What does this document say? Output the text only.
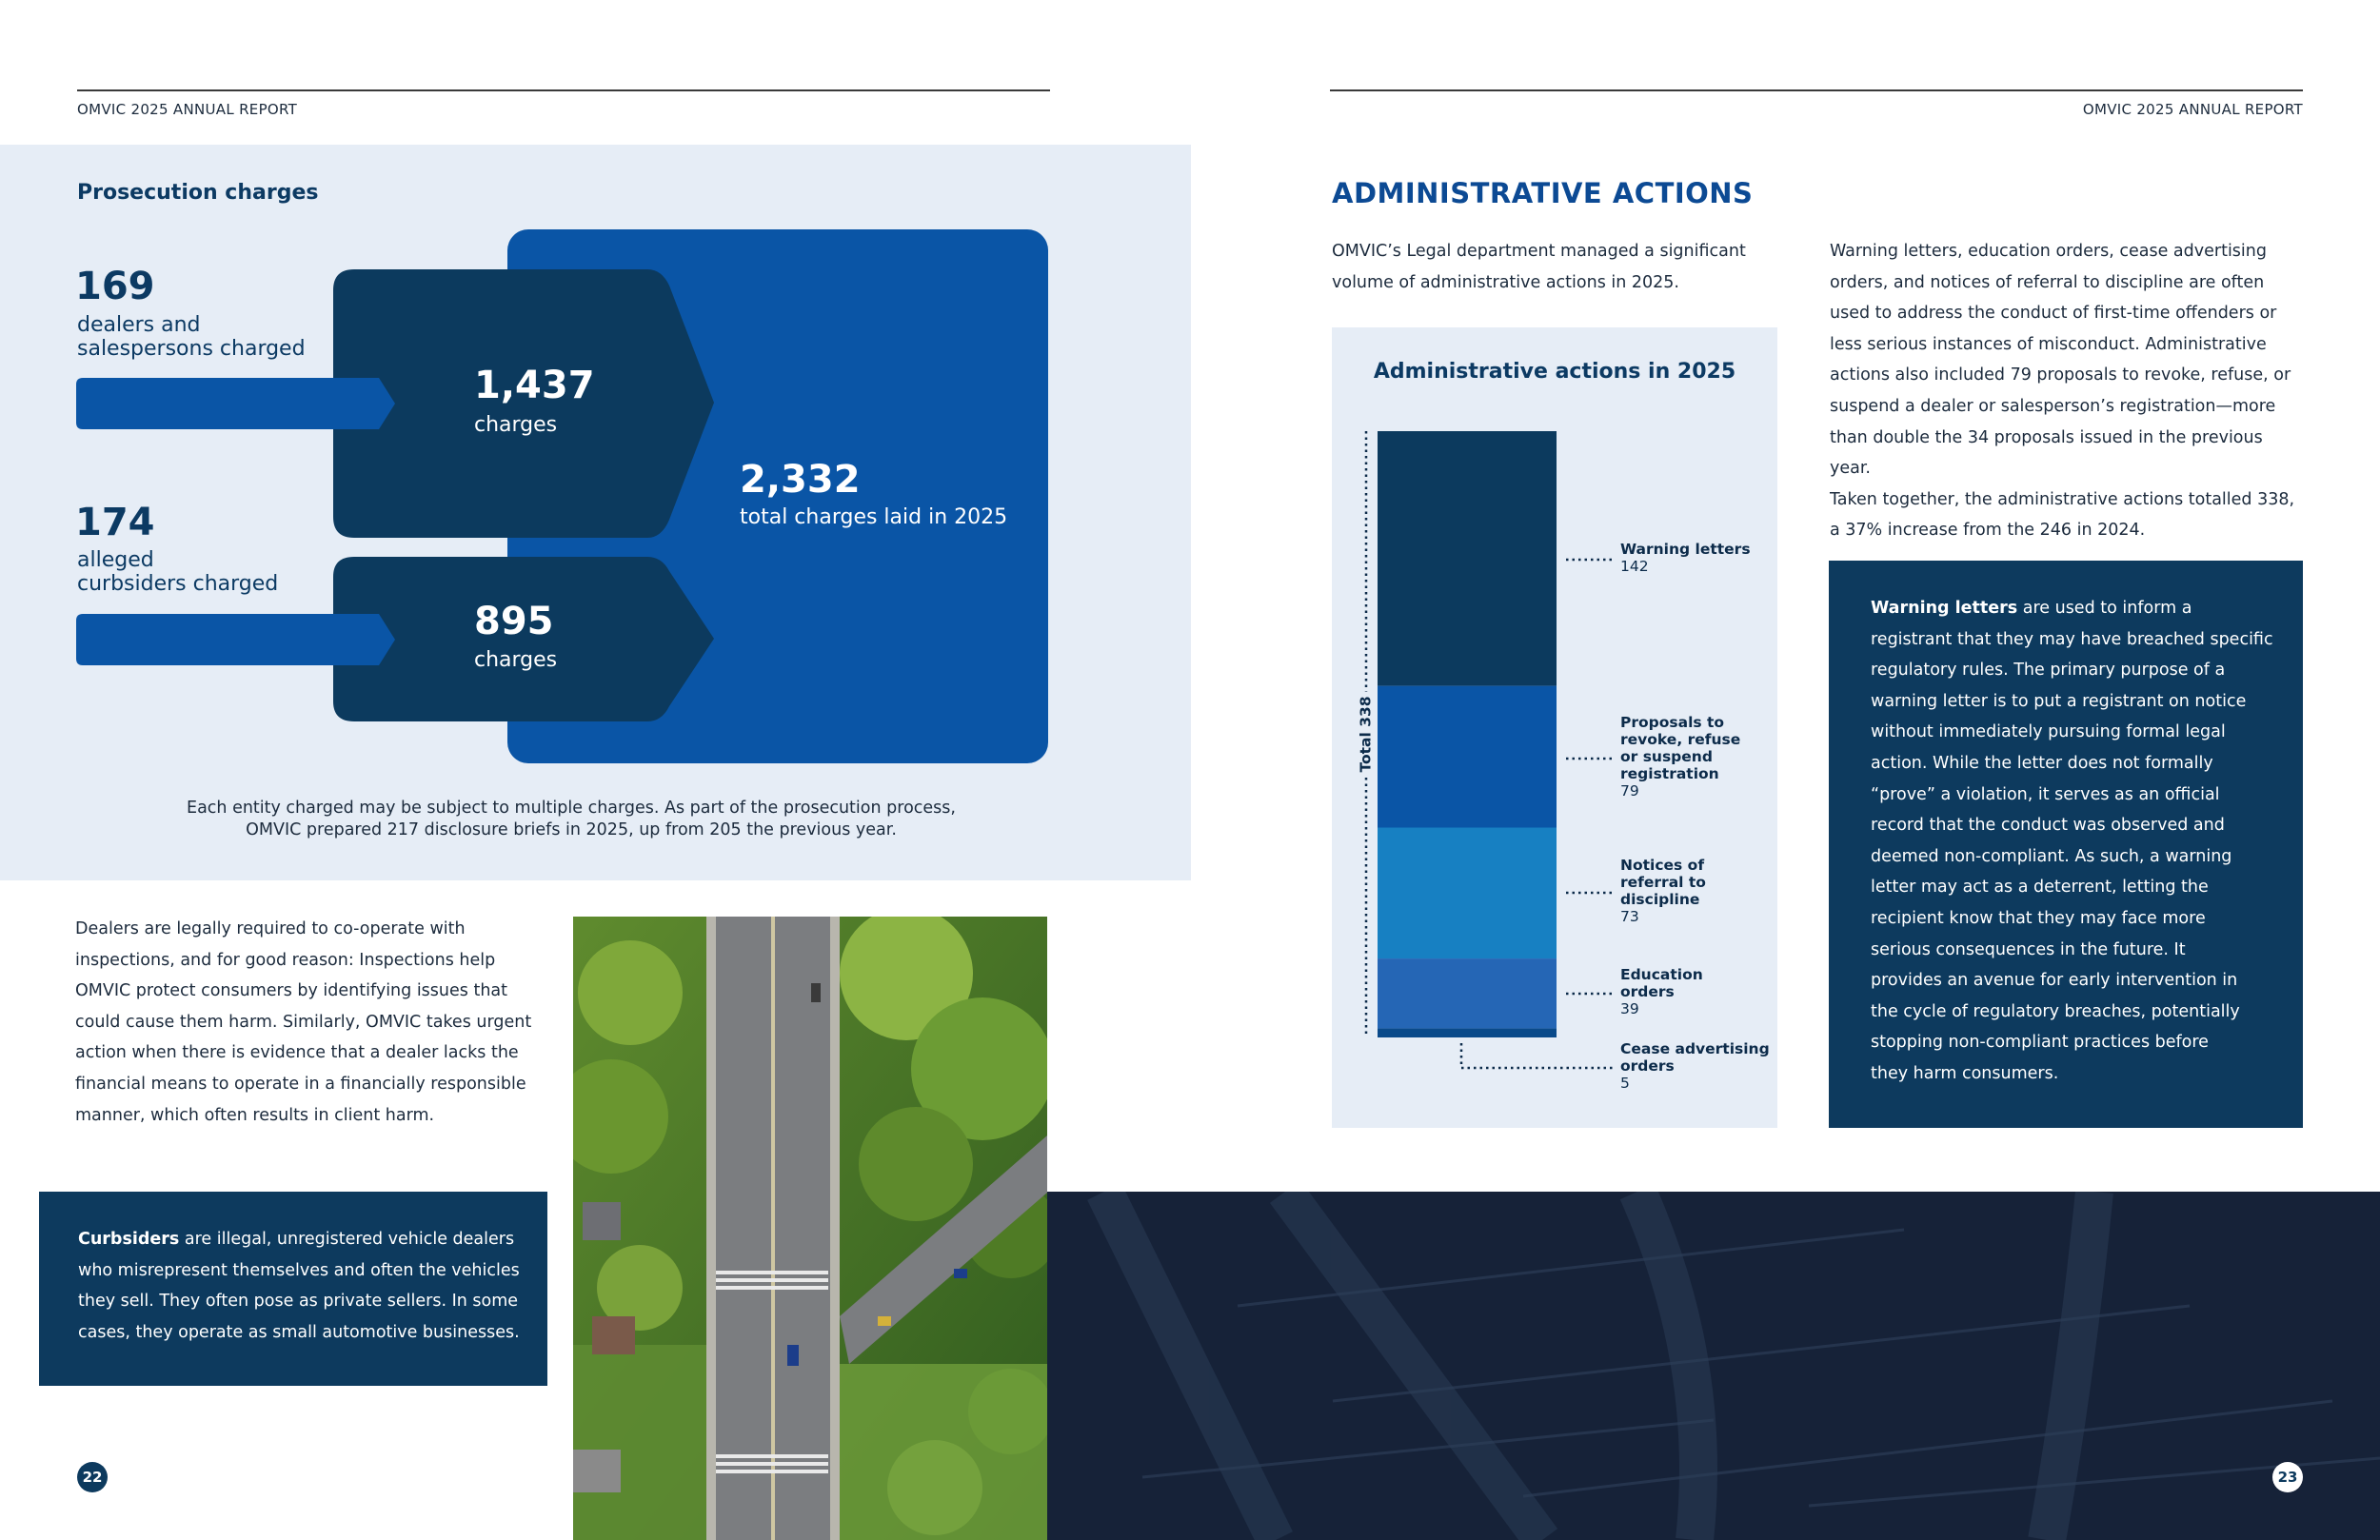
OMVIC 2025 ANNUAL REPORT	OMVIC 2025 ANNUAL REPORT
Prosecution charges
169
dealers and
salespersons charged
1,437
charges
174
alleged
curbsiders charged
895
charges
2,332
total charges laid in 2025
Each entity charged may be subject to multiple charges. As part of the prosecution process,
OMVIC prepared 217 disclosure briefs in 2025, up from 205 the previous year.
Dealers are legally required to co-operate with
inspections, and for good reason: Inspections help
OMVIC protect consumers by identifying issues that
could cause them harm. Similarly, OMVIC takes urgent
action when there is evidence that a dealer lacks the
financial means to operate in a financially responsible
manner, which often results in client harm.

Curbsiders are illegal, unregistered vehicle dealers

who misrepresent themselves and often the vehicles

they sell. They often pose as private sellers. In some

cases, they operate as small automotive businesses.

22	23
ADMINISTRATIVE ACTIONS
OMVIC’s Legal department managed a significant
volume of administrative actions in 2025.
Warning letters, education orders, cease advertising
orders, and notices of referral to discipline are often
used to address the conduct of first-time offenders or
less serious instances of misconduct. Administrative
actions also included 79 proposals to revoke, refuse, or
suspend a dealer or salesperson’s registration—more
than double the 34 proposals issued in the previous year.
Taken together, the administrative actions totalled 338,
a 37% increase from the 246 in 2024.
Administrative actions in 2025
Total 338
Warning letters
142
Proposals to
revoke, refuse
or suspend
registration
79
Notices of
referral to
discipline
73
Education
orders
39
Cease advertising
orders
5

Warning letters are used to inform a

registrant that they may have breached specific

regulatory rules. The primary purpose of a

warning letter is to put a registrant on notice

without immediately pursuing formal legal

action. While the letter does not formally

“prove” a violation, it serves as an official

record that the conduct was observed and

deemed non-compliant. As such, a warning

letter may act as a deterrent, letting the

recipient know that they may face more

serious consequences in the future. It

provides an avenue for early intervention in

the cycle of regulatory breaches, potentially

stopping non-compliant practices before

they harm consumers.
